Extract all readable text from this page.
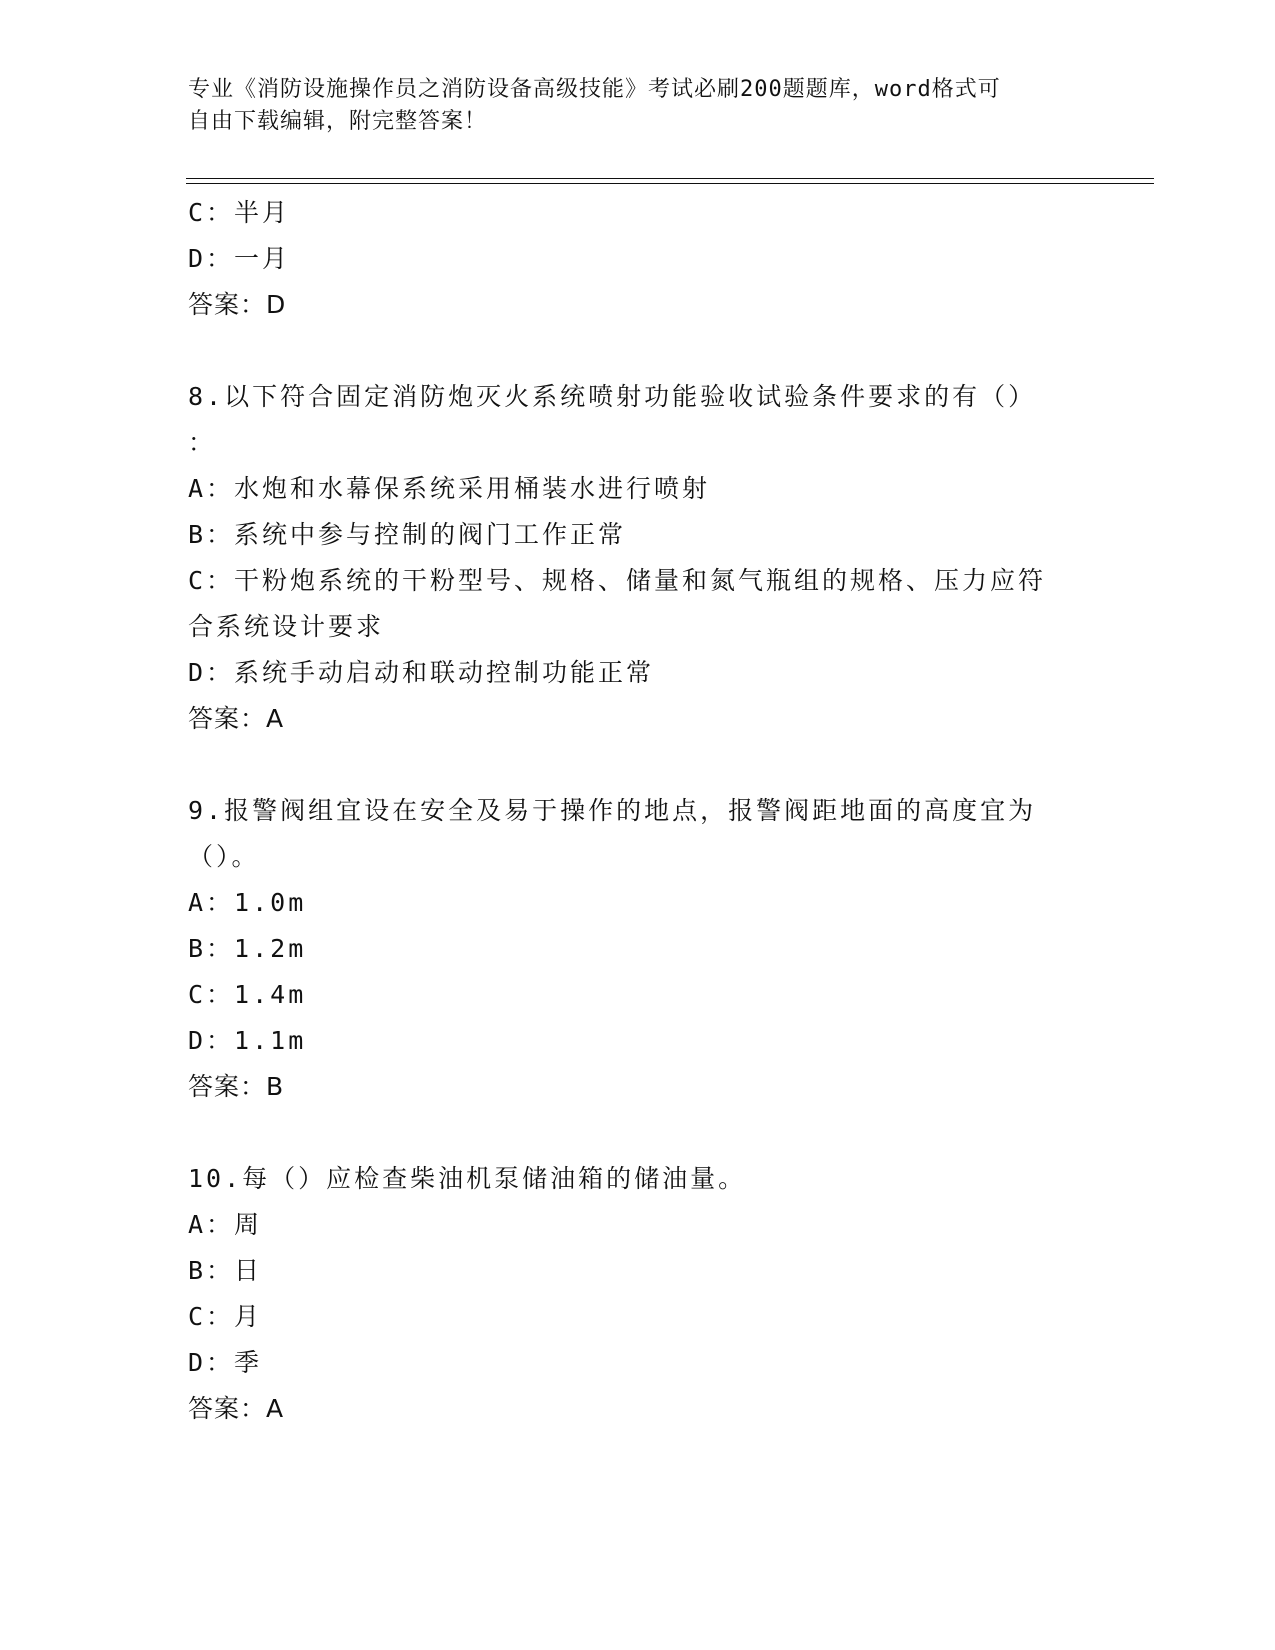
专业《消防设施操作员之消防设备高级技能》考试必刷200题题库，word格式可
自由下载编辑，附完整答案！
C：半月
D：一月
答案：D
8.以下符合固定消防炮灭火系统喷射功能验收试验条件要求的有（）
：
A：水炮和水幕保系统采用桶装水进行喷射
B：系统中参与控制的阀门工作正常
C：干粉炮系统的干粉型号、规格、储量和氮气瓶组的规格、压力应符
合系统设计要求
D：系统手动启动和联动控制功能正常
答案：A
9.报警阀组宜设在安全及易于操作的地点，报警阀距地面的高度宜为
（）。
A：1.0m
B：1.2m
C：1.4m
D：1.1m
答案：B
10.每（）应检查柴油机泵储油箱的储油量。
A：周
B：日
C：月
D：季
答案：A
